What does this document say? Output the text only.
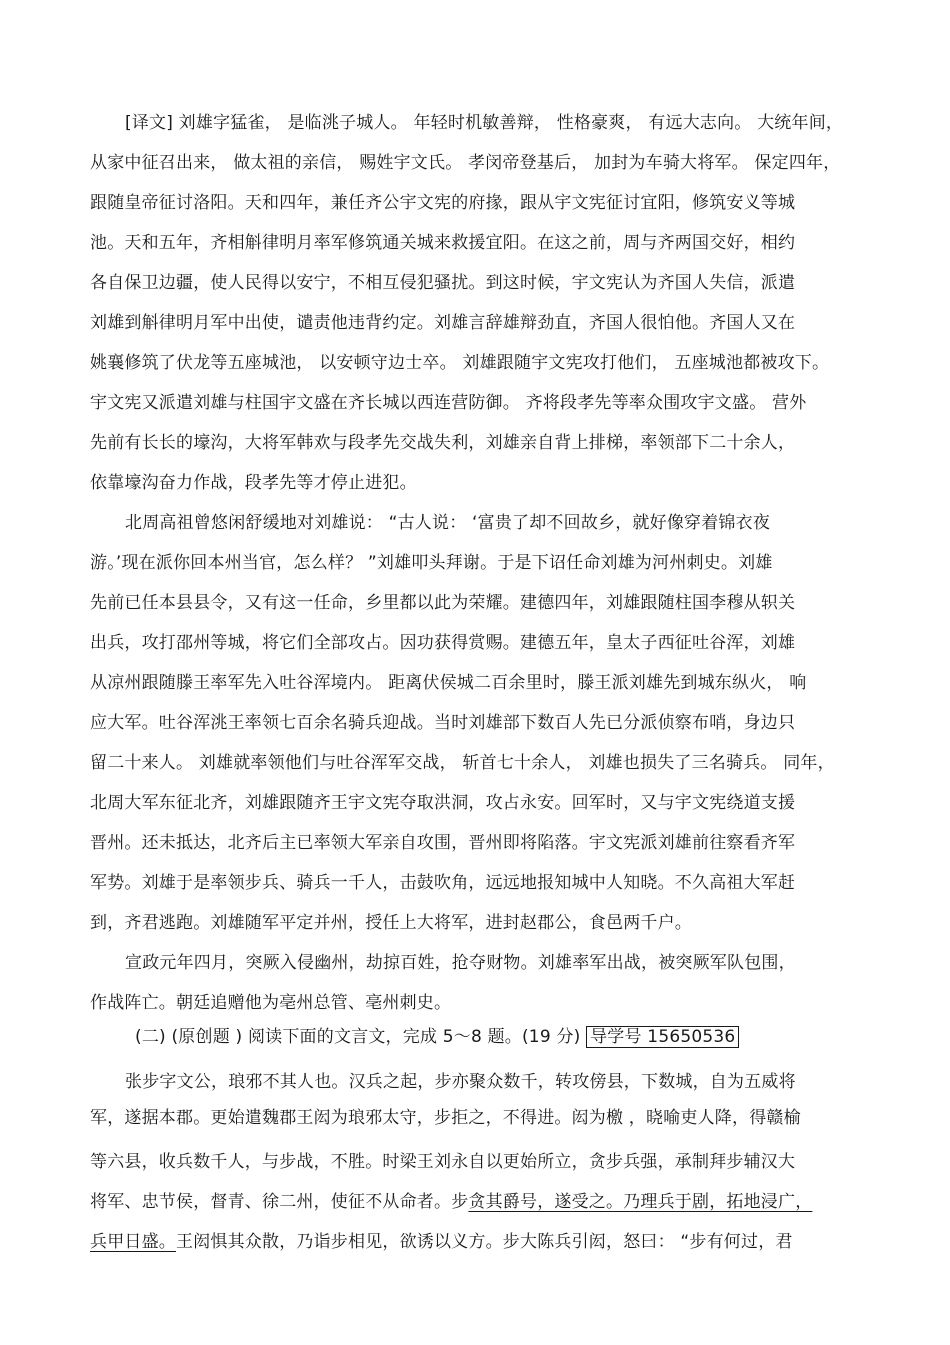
[译文] 刘雄字猛雀， 是临洮子城人。 年轻时机敏善辩， 性格豪爽， 有远大志向。 大统年间，
从家中征召出来， 做太祖的亲信， 赐姓宇文氏。 孝闵帝登基后， 加封为车骑大将军。 保定四年，
跟随皇帝征讨洛阳。天和四年，兼任齐公宇文宪的府掾，跟从宇文宪征讨宜阳，修筑安义等城
池。天和五年，齐相斛律明月率军修筑通关城来救援宜阳。在这之前，周与齐两国交好，相约
各自保卫边疆，使人民得以安宁，不相互侵犯骚扰。到这时候，宇文宪认为齐国人失信，派遣
刘雄到斛律明月军中出使，谴责他违背约定。刘雄言辞雄辩劲直，齐国人很怕他。齐国人又在
姚襄修筑了伏龙等五座城池， 以安顿守边士卒。 刘雄跟随宇文宪攻打他们， 五座城池都被攻下。
宇文宪又派遣刘雄与柱国宇文盛在齐长城以西连营防御。 齐将段孝先等率众围攻宇文盛。 营外
先前有长长的壕沟，大将军韩欢与段孝先交战失利，刘雄亲自背上排梯，率领部下二十余人，
依靠壕沟奋力作战，段孝先等才停止进犯。
北周高祖曾悠闲舒缓地对刘雄说： “古人说： ‘富贵了却不回故乡，就好像穿着锦衣夜
游。’现在派你回本州当官，怎么样？ ”刘雄叩头拜谢。于是下诏任命刘雄为河州刺史。刘雄
先前已任本县县令，又有这一任命，乡里都以此为荣耀。建德四年，刘雄跟随柱国李穆从轵关
出兵，攻打邵州等城，将它们全部攻占。因功获得赏赐。建德五年，皇太子西征吐谷浑，刘雄
从凉州跟随滕王率军先入吐谷浑境内。 距离伏侯城二百余里时，滕王派刘雄先到城东纵火， 响
应大军。吐谷浑洮王率领七百余名骑兵迎战。当时刘雄部下数百人先已分派侦察布哨，身边只
留二十来人。 刘雄就率领他们与吐谷浑军交战， 斩首七十余人， 刘雄也损失了三名骑兵。 同年，
北周大军东征北齐，刘雄跟随齐王宇文宪夺取洪洞，攻占永安。回军时，又与宇文宪绕道支援
晋州。还未抵达，北齐后主已率领大军亲自攻围，晋州即将陷落。宇文宪派刘雄前往察看齐军
军势。刘雄于是率领步兵、骑兵一千人，击鼓吹角，远远地报知城中人知晓。不久高祖大军赶
到，齐君逃跑。刘雄随军平定并州，授任上大将军，进封赵郡公，食邑两千户。
宣政元年四月，突厥入侵幽州，劫掠百姓，抢夺财物。刘雄率军出战，被突厥军队包围，
作战阵亡。朝廷追赠他为亳州总管、亳州刺史。
(二) (原创题 ) 阅读下面的文言文，完成 5～8 题。(19 分) 导学号 15650536
张步字文公，琅邪不其人也。汉兵之起，步亦聚众数千，转攻傍县，下数城，自为五威将
军，遂据本郡。更始遣魏郡王闳为琅邪太守，步拒之，不得进。闳为檄 ，晓喻吏人降，得赣榆
等六县，收兵数千人，与步战，不胜。时梁王刘永自以更始所立，贪步兵强，承制拜步辅汉大
将军、忠节侯，督青、徐二州，使征不从命者。步贪其爵号，遂受之。乃理兵于剧，拓地浸广，
兵甲日盛。王闳惧其众散，乃诣步相见，欲诱以义方。步大陈兵引闳，怒曰： “步有何过，君
